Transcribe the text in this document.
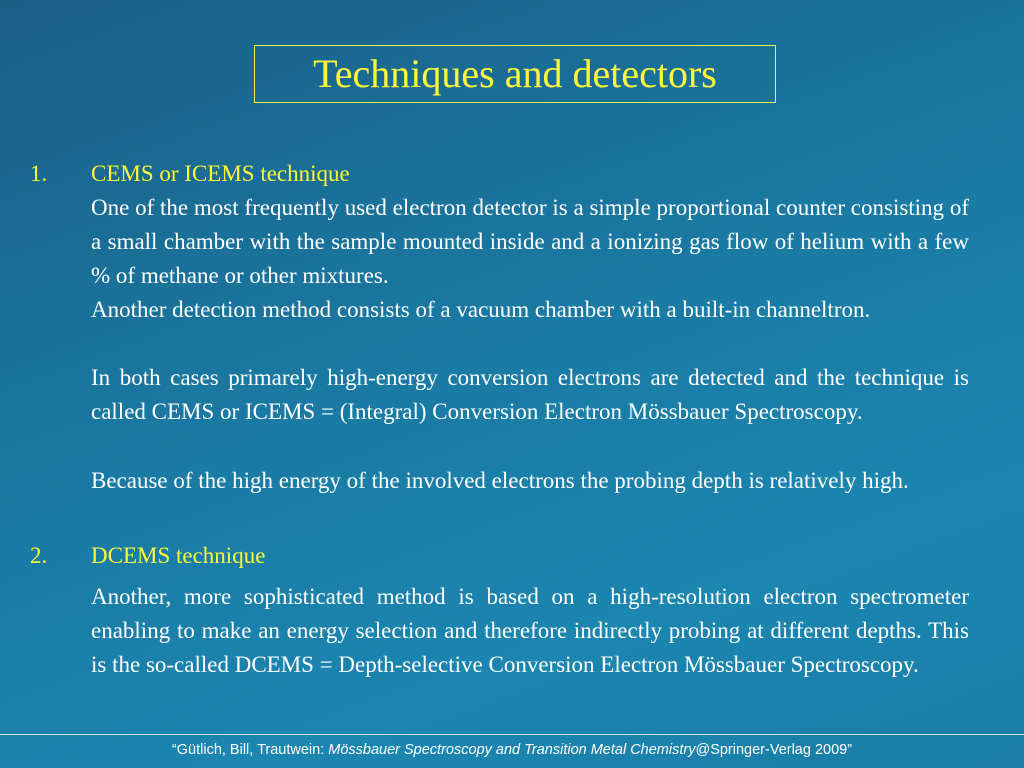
Techniques and detectors
1. CEMS or ICEMS technique

One of the most frequently used electron detector is a simple proportional counter consisting of a small chamber with the sample mounted inside and a ionizing gas flow of helium with a few % of methane or other mixtures.

Another detection method consists of a vacuum chamber with a built-in channeltron.

In both cases primarely high-energy conversion electrons are detected and the technique is called CEMS or ICEMS = (Integral) Conversion Electron Mössbauer Spectroscopy.

Because of the high energy of the involved electrons the probing depth is relatively high.

2. DCEMS technique

Another, more sophisticated method is based on a high-resolution electron spectrometer enabling to make an energy selection and therefore indirectly probing at different depths. This is the so-called DCEMS = Depth-selective Conversion Electron Mössbauer Spectroscopy.

“Gütlich, Bill, Trautwein: Mössbauer Spectroscopy and Transition Metal Chemistry@Springer-Verlag 2009”
